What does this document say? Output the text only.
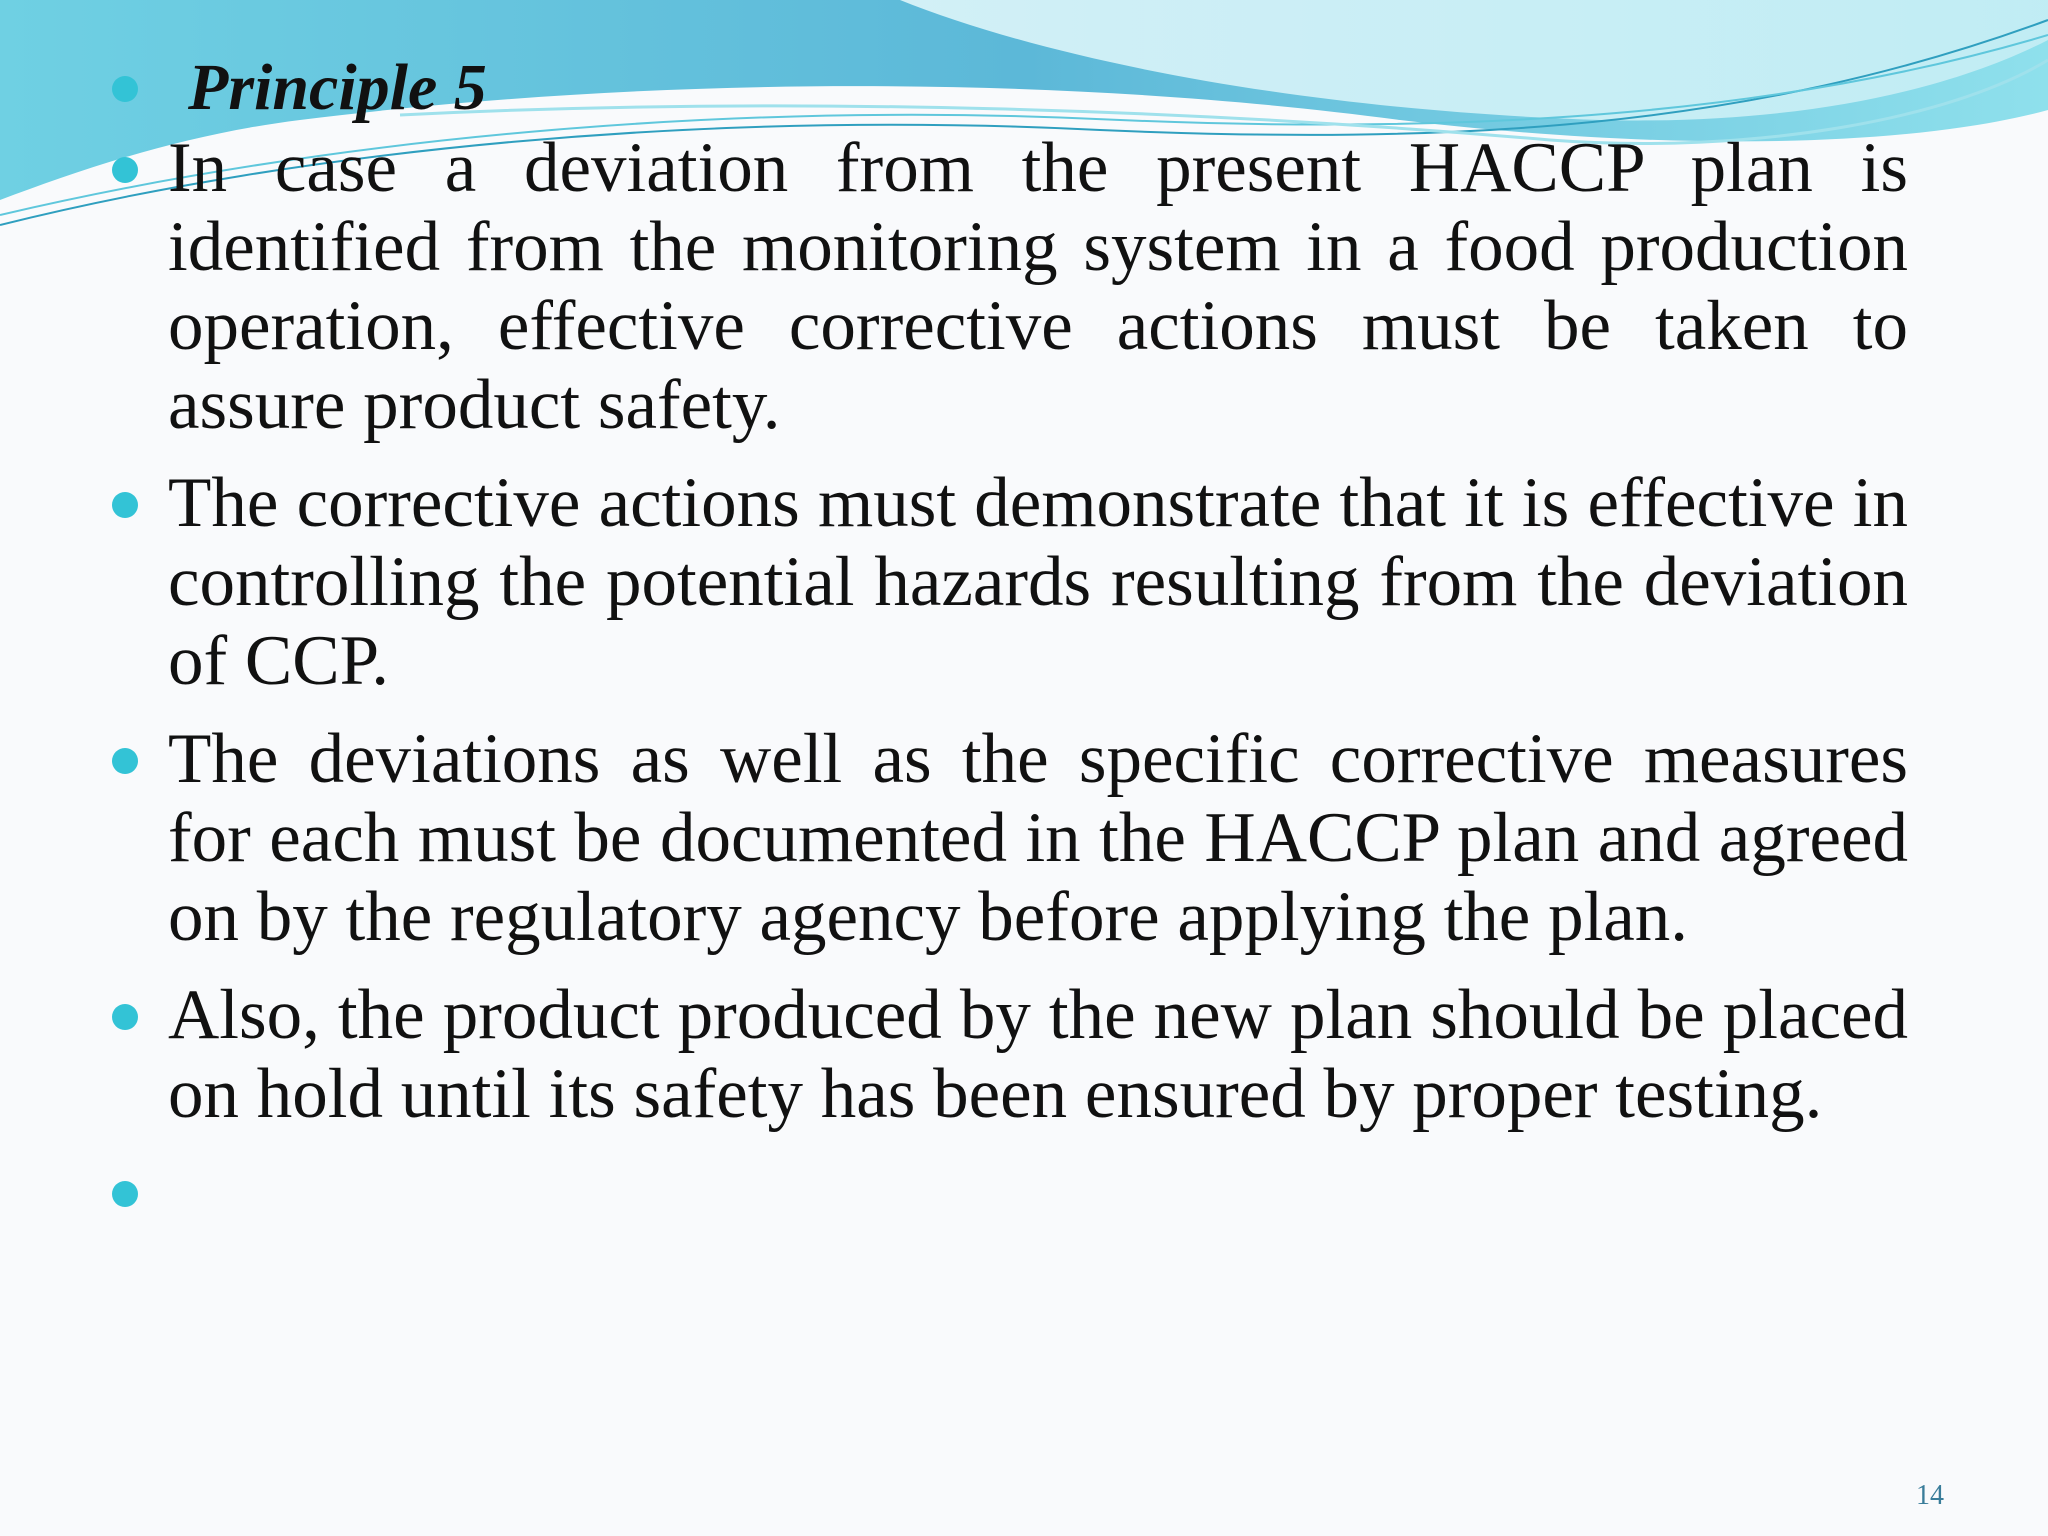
Principle 5
In case a deviation from the present HACCP plan is identified from the monitoring system in a food production operation, effective corrective actions must be taken to assure product safety.
The corrective actions must demonstrate that it is effective in controlling the potential hazards resulting from the deviation of CCP.
The deviations as well as the specific corrective measures for each must be documented in the HACCP plan and agreed on by the regulatory agency before applying the plan.
Also, the product produced by the new plan should be placed on hold until its safety has been ensured by proper testing.
14
